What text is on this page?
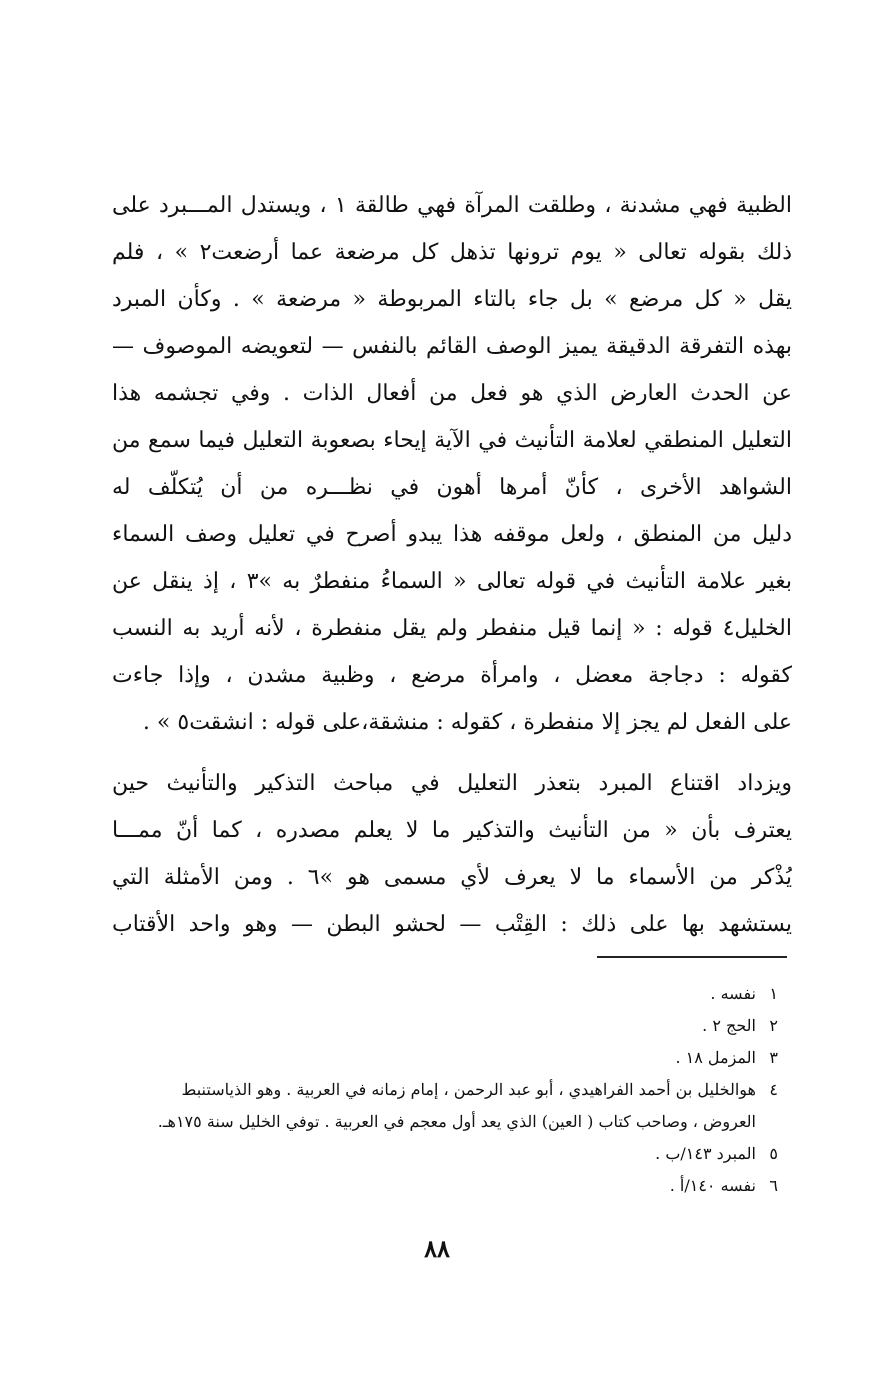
الظبية فهي مشدنة ، وطلقت المرآة فهي طالقة ١ ، ويستدل المـــبرد على
ذلك بقوله تعالى « يوم ترونها تذهل كل مرضعة عما أرضعت٢ » ، فلم
يقل « كل مرضع » بل جاء بالتاء المربوطة « مرضعة » . وكأن المبرد
بهذه التفرقة الدقيقة يميز الوصف القائم بالنفس — لتعويضه الموصوف —
عن الحدث العارض الذي هو فعل من أفعال الذات . وفي تجشمه هذا
التعليل المنطقي لعلامة التأنيث في الآية إيحاء بصعوبة التعليل فيما سمع من
الشواهد الأخرى ، كأنّ أمرها أهون في نظـــره من أن يُتكلّف له
دليل من المنطق ، ولعل موقفه هذا يبدو أصرح في تعليل وصف السماء
بغير علامة التأنيث في قوله تعالى « السماءُ منفطرٌ به »٣ ، إذ ينقل عن
الخليل٤ قوله : « إنما قيل منفطر ولم يقل منفطرة ، لأنه أريد به النسب
كقوله : دجاجة معضل ، وامرأة مرضع ، وظبية مشدن ، وإذا جاءت
على الفعل لم يجز إلا منفطرة ، كقوله : منشقة،على قوله : انشقت٥ » .
ويزداد اقتناع المبرد بتعذر التعليل في مباحث التذكير والتأنيث حين
يعترف بأن « من التأنيث والتذكير ما لا يعلم مصدره ، كما أنّ ممـــا
يُذْكر من الأسماء ما لا يعرف لأي مسمى هو »٦ . ومن الأمثلة التي
يستشهد بها على ذلك : القِتْب — لحشو البطن — وهو واحد الأقتاب
١
نفسه .
٢
الحج ٢ .
٣
المزمل ١٨ .
٤
هوالخليل بن أحمد الفراهيدي ، أبو عبد الرحمن ، إمام زمانه في العربية . وهو الذياستنبط
العروض ، وصاحب كتاب ( العين) الذي يعد أول معجم في العربية . توفي الخليل سنة ١٧٥هـ.
٥
المبرد ١٤٣/ب .
٦
نفسه ١٤٠/أ .
٨٨
